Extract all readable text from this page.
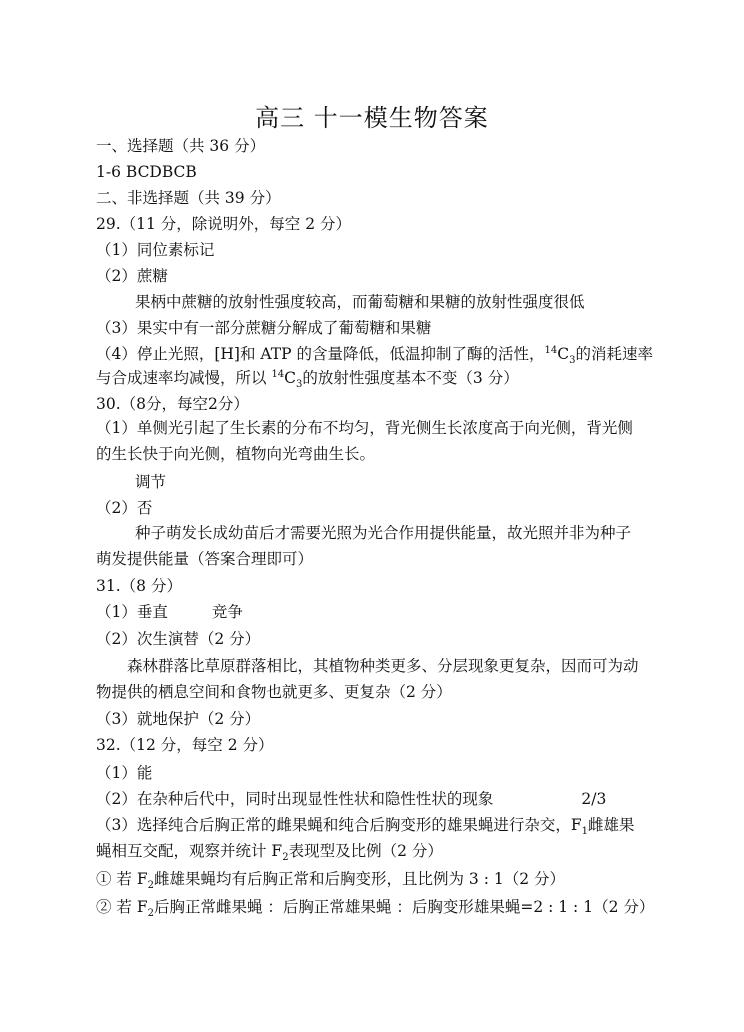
高三 十一模生物答案
一、选择题（共 36 分）
1-6 BCDBCB
二、非选择题（共 39 分）
29.（11 分，除说明外，每空 2 分）
（1）同位素标记
（2）蔗糖
果柄中蔗糖的放射性强度较高，而葡萄糖和果糖的放射性强度很低
（3）果实中有一部分蔗糖分解成了葡萄糖和果糖
（4）停止光照，[H]和 ATP 的含量降低，低温抑制了酶的活性，$^{14}C_3$的消耗速率
与合成速率均减慢，所以 $^{14}C_3$的放射性强度基本不变（3 分）
30.（8分，每空2分）
（1）单侧光引起了生长素的分布不均匀，背光侧生长浓度高于向光侧，背光侧
的生长快于向光侧，植物向光弯曲生长。
调节
（2）否
种子萌发长成幼苗后才需要光照为光合作用提供能量，故光照并非为种子
萌发提供能量（答案合理即可）
31.（8 分）
（1）垂直	竞争
（2）次生演替（2 分）
森林群落比草原群落相比，其植物种类更多、分层现象更复杂，因而可为动
物提供的栖息空间和食物也就更多、更复杂（2 分）
（3）就地保护（2 分）
32.（12 分，每空 2 分）
（1）能
（2）在杂种后代中，同时出现显性性状和隐性性状的现象	2/3
（3）选择纯合后胸正常的雌果蝇和纯合后胸变形的雄果蝇进行杂交，$F_1$雌雄果
蝇相互交配，观察并统计 $F_2$表现型及比例（2 分）
① 若 $F_2$雌雄果蝇均有后胸正常和后胸变形，且比例为 3 : 1（2 分）
② 若 $F_2$后胸正常雌果蝇 ：后胸正常雄果蝇 ：后胸变形雄果蝇=2 : 1 : 1（2 分）
